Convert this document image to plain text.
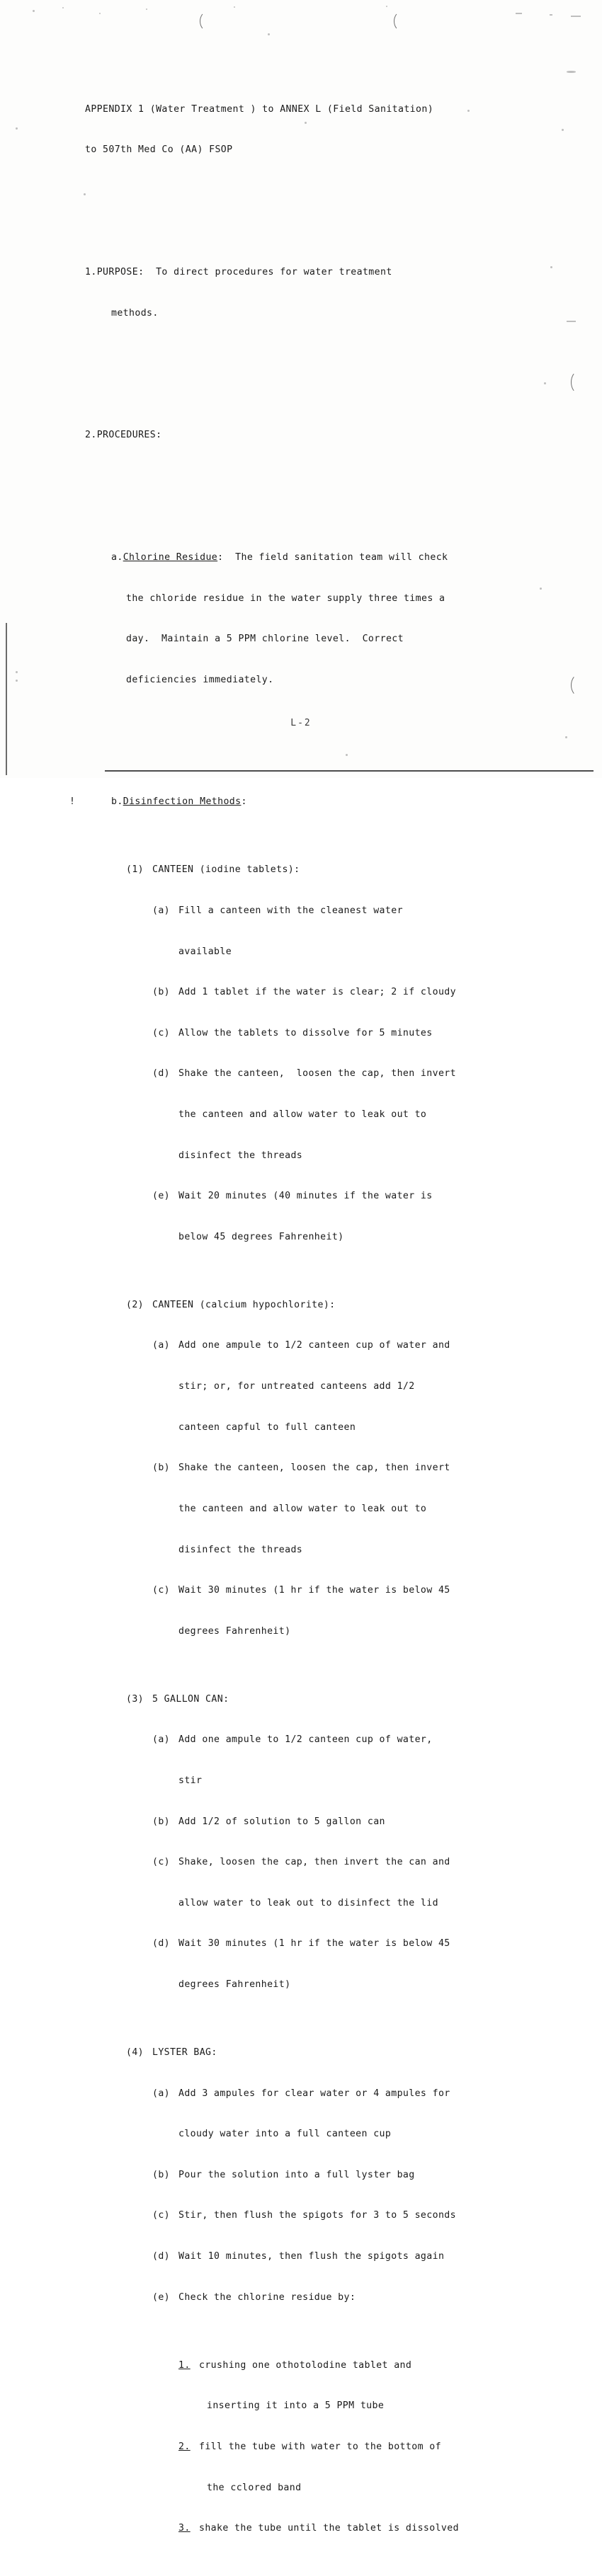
APPENDIX 1 (Water Treatment ) to ANNEX L (Field Sanitation)

to 507th Med Co (AA) FSOP

1. PURPOSE:  To direct procedures for water treatment

methods.

2. PROCEDURES:

a. Chlorine Residue:  The field sanitation team will check

the chloride residue in the water supply three times a

day.  Maintain a 5 PPM chlorine level.  Correct

deficiencies immediately.

!	b. Disinfection Methods:

(1) CANTEEN (iodine tablets):

(a) Fill a canteen with the cleanest water

available

(b) Add 1 tablet if the water is clear; 2 if cloudy

(c) Allow the tablets to dissolve for 5 minutes

(d) Shake the canteen,  loosen the cap, then invert

the canteen and allow water to leak out to

disinfect the threads

(e) Wait 20 minutes (40 minutes if the water is

below 45 degrees Fahrenheit)

(2) CANTEEN (calcium hypochlorite):

(a) Add one ampule to 1/2 canteen cup of water and

stir; or, for untreated canteens add 1/2

canteen capful to full canteen

(b) Shake the canteen, loosen the cap, then invert

the canteen and allow water to leak out to

disinfect the threads

(c) Wait 30 minutes (1 hr if the water is below 45

degrees Fahrenheit)

(3) 5 GALLON CAN:

(a) Add one ampule to 1/2 canteen cup of water,

stir

(b) Add 1/2 of solution to 5 gallon can

(c) Shake, loosen the cap, then invert the can and

allow water to leak out to disinfect the lid

(d) Wait 30 minutes (1 hr if the water is below 45

degrees Fahrenheit)

(4) LYSTER BAG:

(a) Add 3 ampules for clear water or 4 ampules for

cloudy water into a full canteen cup

(b) Pour the solution into a full lyster bag

(c) Stir, then flush the spigots for 3 to 5 seconds

(d) Wait 10 minutes, then flush the spigots again

(e) Check the chlorine residue by:

1. crushing one othotolodine tablet and

inserting it into a 5 PPM tube

2. fill the tube with water to the bottom of

the cclored band

3. shake the tube until the tablet is dissolved

L-2
